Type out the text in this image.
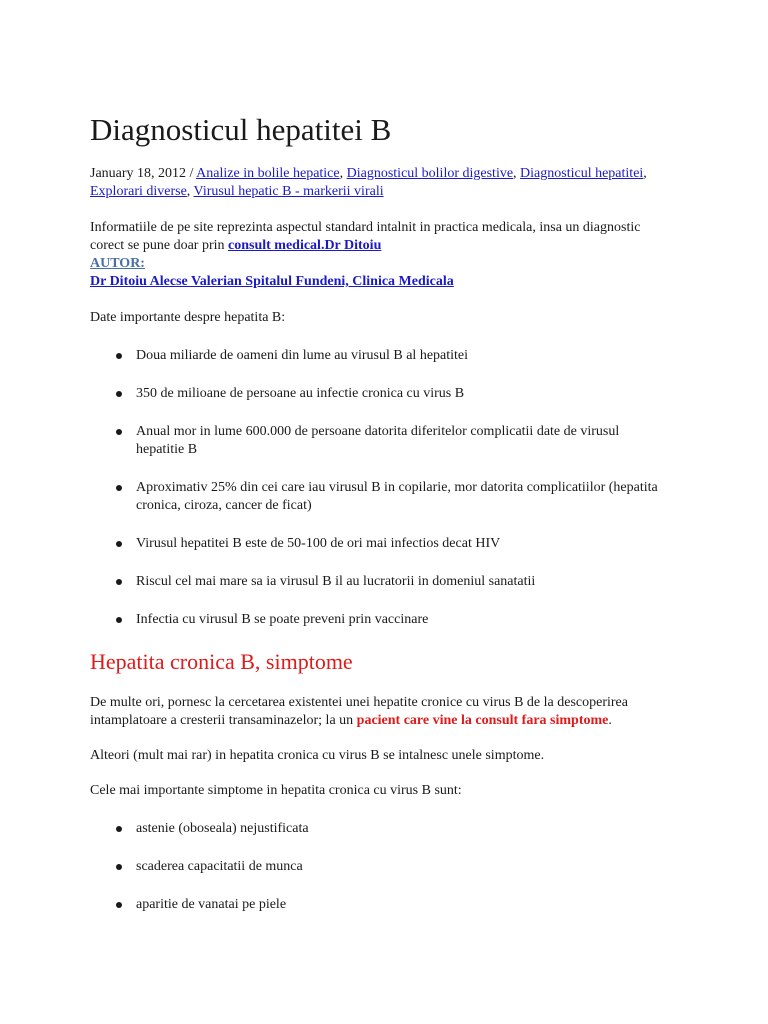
Diagnosticul hepatitei B

January 18, 2012 / Analize in bolile hepatice, Diagnosticul bolilor digestive, Diagnosticul hepatitei, Explorari diverse, Virusul hepatic B - markerii virali

Informatiile de pe site reprezinta aspectul standard intalnit in practica medicala, insa un diagnostic corect se pune doar prin consult medical.Dr Ditoiu
AUTOR:
Dr Ditoiu Alecse Valerian Spitalul Fundeni, Clinica Medicala

Date importante despre hepatita B:

Doua miliarde de oameni din lume au virusul B al hepatitei
350 de milioane de persoane au infectie cronica cu virus B
Anual mor in lume 600.000 de persoane datorita diferitelor complicatii date de virusul hepatitie B
Aproximativ 25% din cei care iau virusul B in copilarie, mor datorita complicatiilor (hepatita cronica, ciroza, cancer de ficat)
Virusul hepatitei B este de 50-100 de ori mai infectios decat HIV
Riscul cel mai mare sa ia virusul B il au lucratorii in domeniul sanatatii
Infectia cu virusul B se poate preveni prin vaccinare
Hepatita cronica B, simptome

De multe ori, pornesc la cercetarea existentei unei hepatite cronice cu virus B de la descoperirea intamplatoare a cresterii transaminazelor; la un pacient care vine la consult fara simptome.

Alteori (mult mai rar) in hepatita cronica cu virus B se intalnesc unele simptome.

Cele mai importante simptome in hepatita cronica cu virus B sunt:

astenie (oboseala) nejustificata
scaderea capacitatii de munca
aparitie de vanatai pe piele
